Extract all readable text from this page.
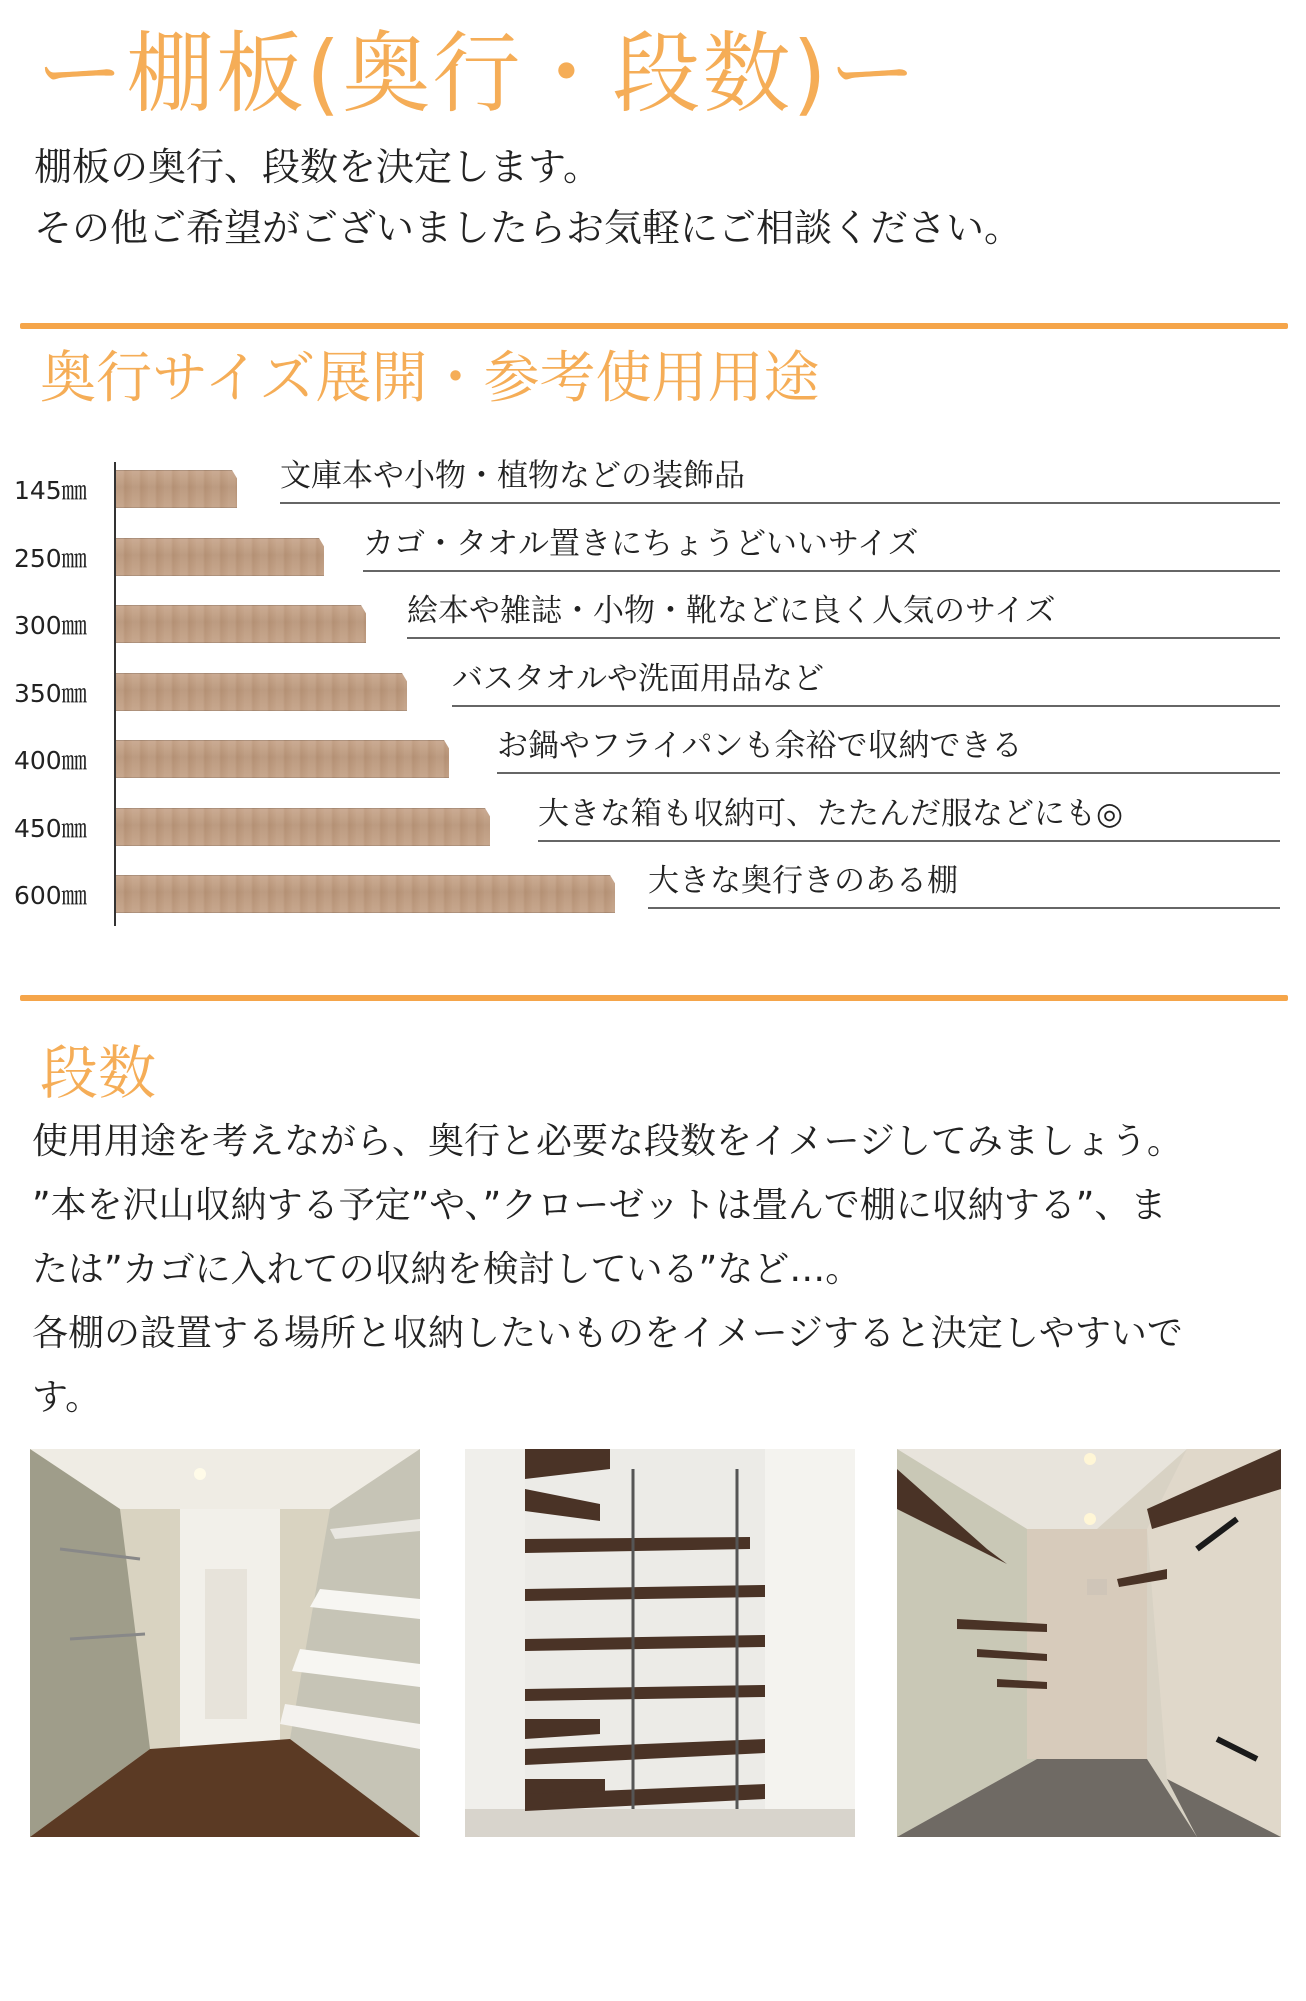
ー棚板(奥行・段数)ー
棚板の奥行、段数を決定します。
その他ご希望がございましたらお気軽にご相談ください。
奥行サイズ展開・参考使用用途
145㎜	文庫本や小物・植物などの装飾品
250㎜	カゴ・タオル置きにちょうどいいサイズ
300㎜	絵本や雑誌・小物・靴などに良く人気のサイズ
350㎜	バスタオルや洗面用品など
400㎜	お鍋やフライパンも余裕で収納できる
450㎜	大きな箱も収納可、たたんだ服などにも◎
600㎜	大きな奥行きのある棚
段数
使用用途を考えながら、奥行と必要な段数をイメージしてみましょう。
”本を沢山収納する予定”や、”クローゼットは畳んで棚に収納する”、ま
たは”カゴに入れての収納を検討している”など…。
各棚の設置する場所と収納したいものをイメージすると決定しやすいで
す。
